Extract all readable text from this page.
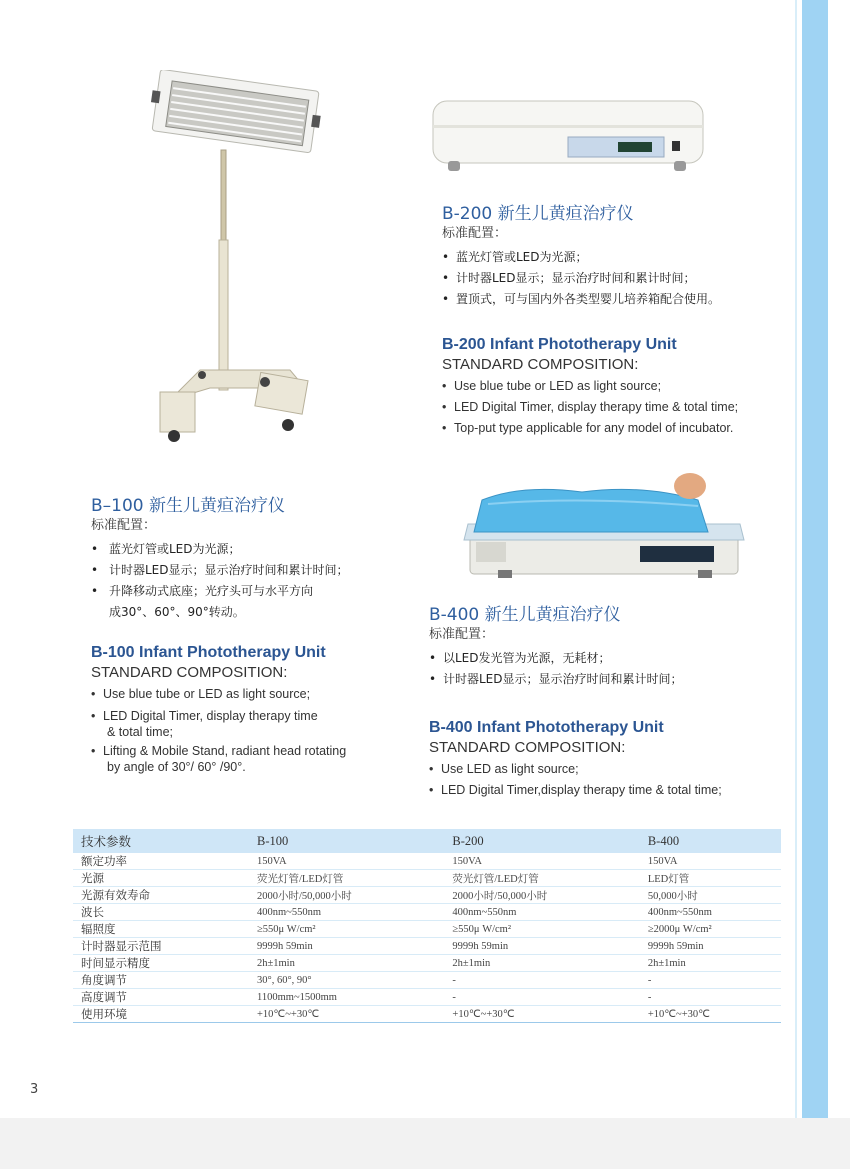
B-200 新生儿黄疸治疗仪
标准配置：
• 蓝光灯管或LED为光源；
• 计时器LED显示；显示治疗时间和累计时间；
• 置顶式，可与国内外各类型婴儿培养箱配合使用。
B-200 Infant Phototherapy Unit
STANDARD COMPOSITION:
• Use blue tube or LED as light source;
• LED Digital Timer, display therapy time & total time;
• Top-put type applicable for any model of incubator.
B–100 新生儿黄疸治疗仪
标准配置：
• 蓝光灯管或LED为光源；
• 计时器LED显示；显示治疗时间和累计时间；
• 升降移动式底座；光疗头可与水平方向
成30°、60°、90°转动。
B-100 Infant Phototherapy Unit
STANDARD COMPOSITION:
• Use blue tube or LED as light source;
• LED Digital Timer, display therapy time
& total time;
• Lifting & Mobile Stand, radiant head rotating
by angle of 30°/ 60° /90°.
B-400 新生儿黄疸治疗仪
标准配置：
• 以LED发光管为光源，无耗材；
• 计时器LED显示；显示治疗时间和累计时间；
B-400 Infant Phototherapy Unit
STANDARD COMPOSITION:
• Use LED as light source;
• LED Digital Timer,display therapy time & total time;
技术参数	B-100	B-200	B-400
额定功率	150VA	150VA	150VA
光源	荧光灯管/LED灯管	荧光灯管/LED灯管	LED灯管
光源有效寿命	2000小时/50,000小时	2000小时/50,000小时	50,000小时
波长	400nm~550nm	400nm~550nm	400nm~550nm
辐照度	≥550μ W/cm²	≥550μ W/cm²	≥2000μ W/cm²
计时器显示范围	9999h 59min	9999h 59min	9999h 59min
时间显示精度	2h±1min	2h±1min	2h±1min
角度调节	30°, 60°, 90°	-	-
高度调节	1100mm~1500mm	-	-
使用环境	+10℃~+30℃	+10℃~+30℃	+10℃~+30℃
3
